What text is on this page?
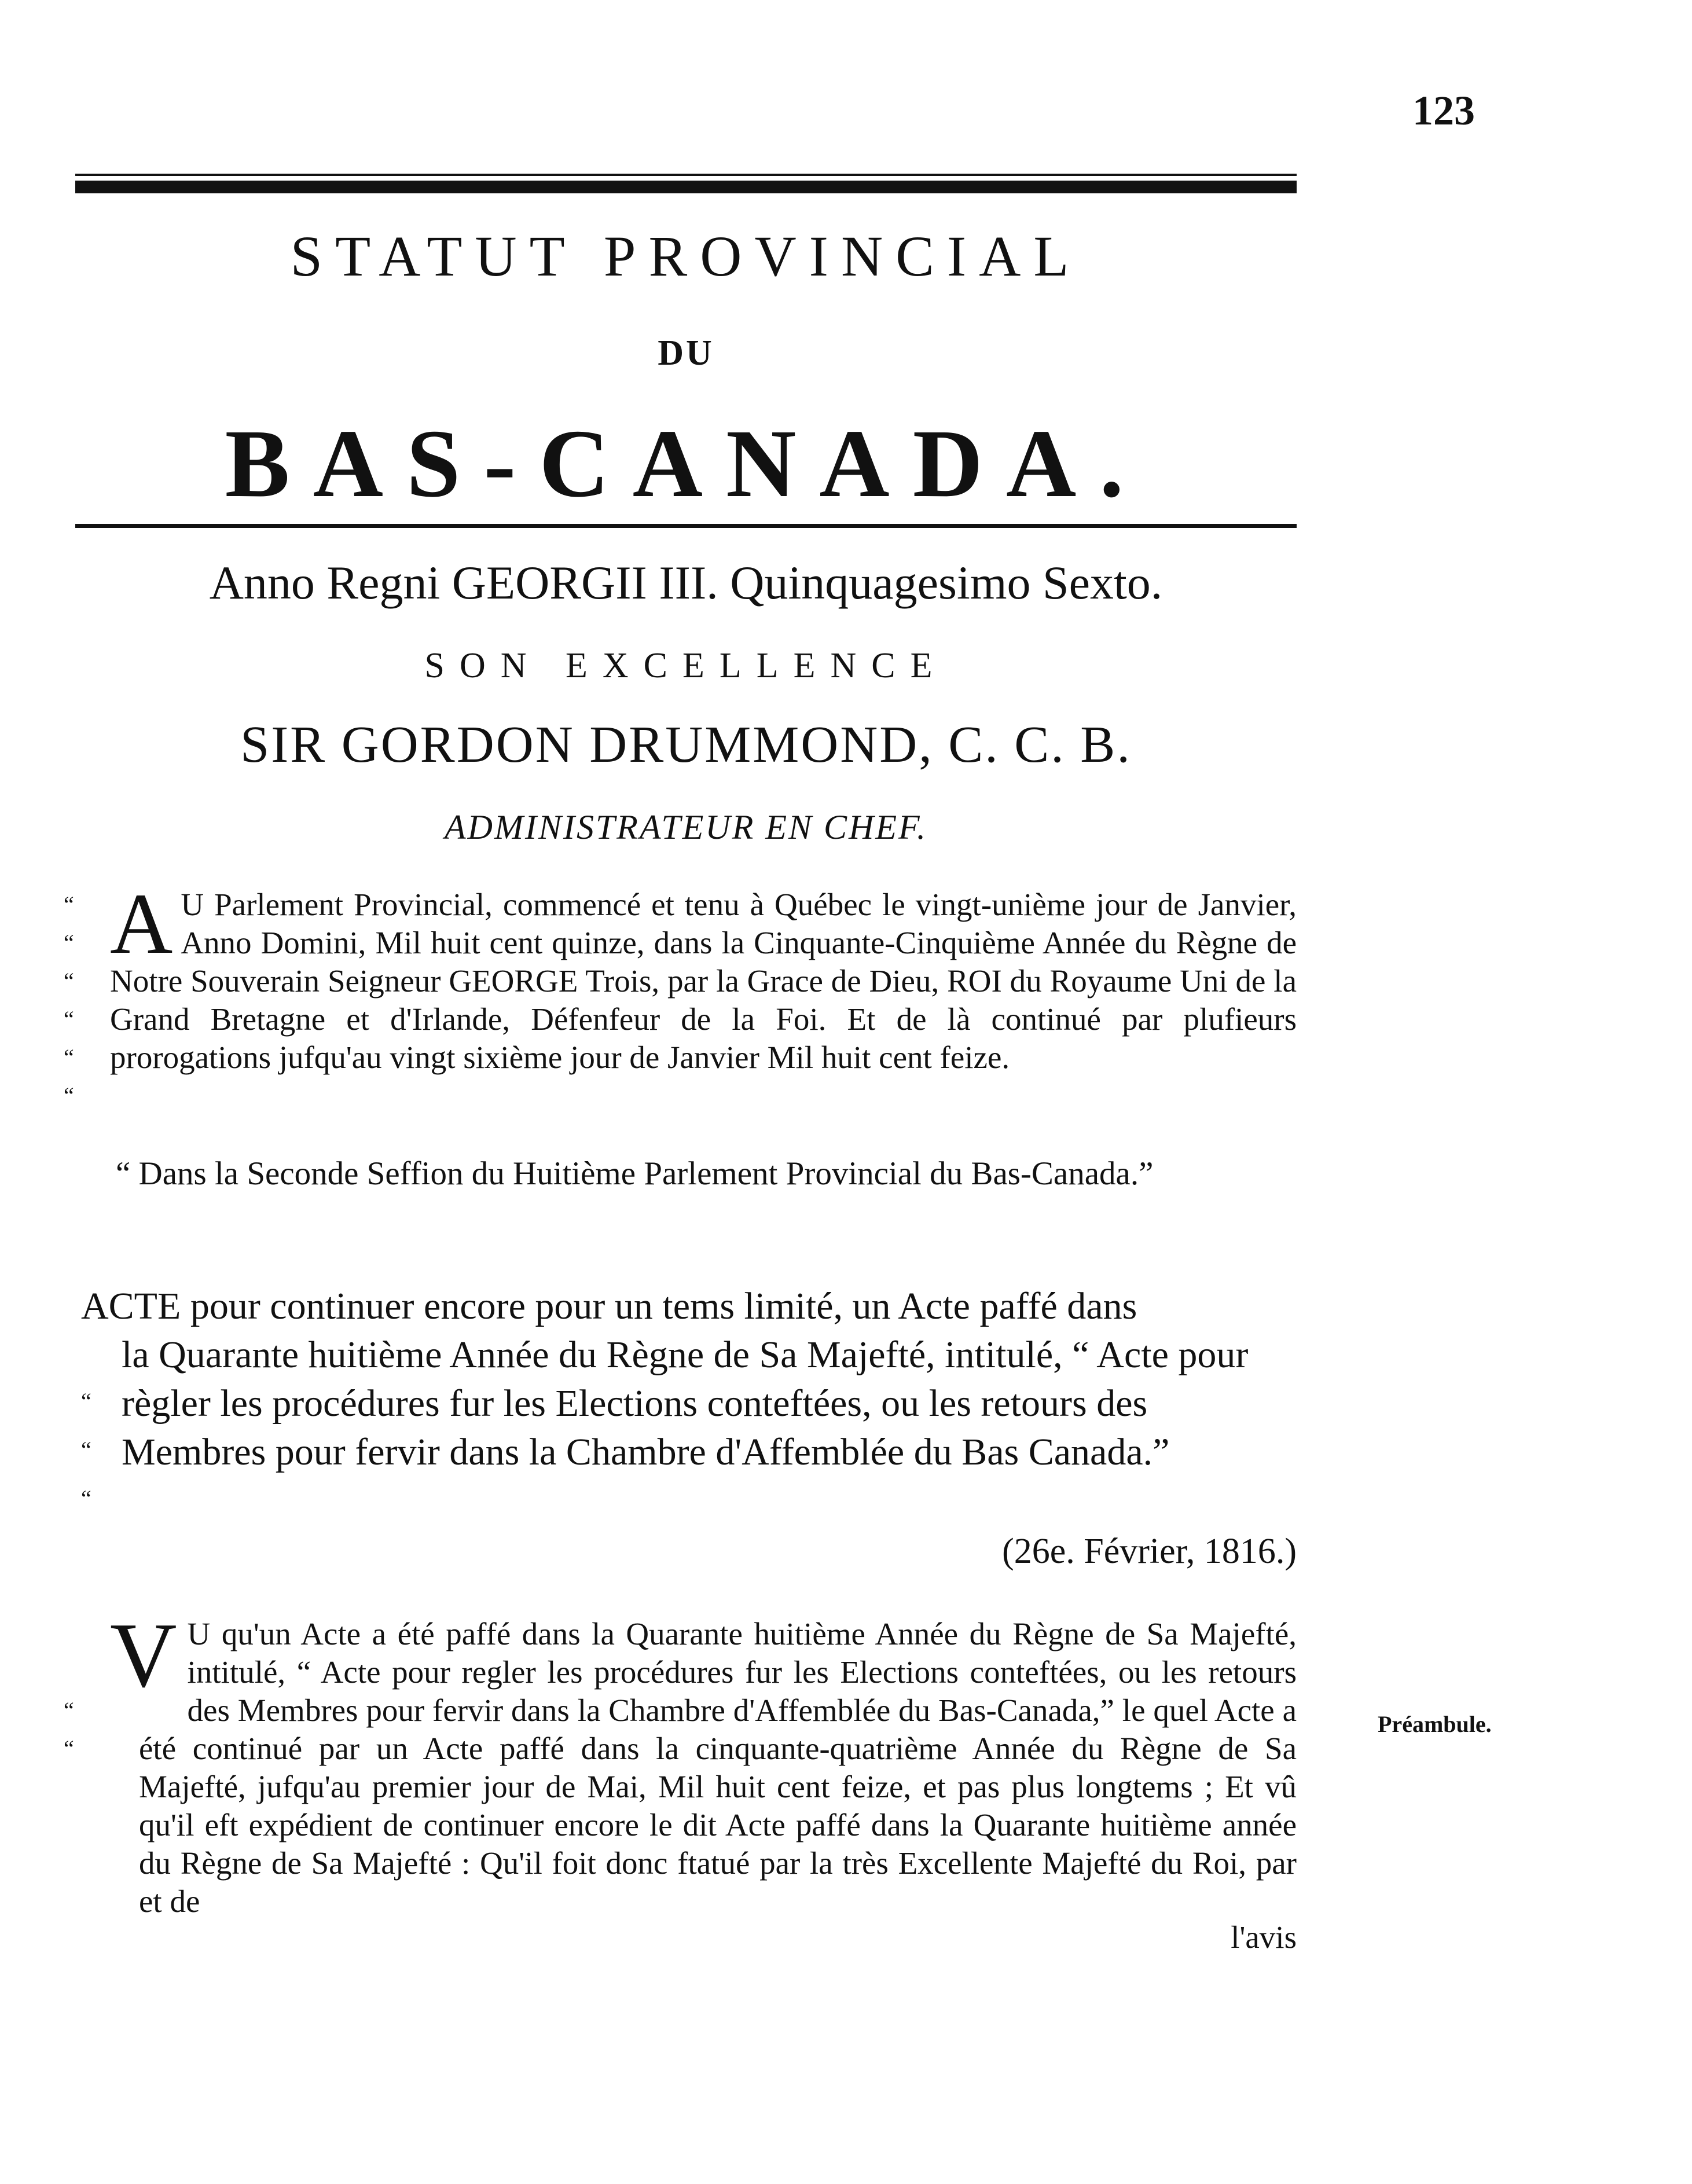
123
STATUT PROVINCIAL
DU
BAS-CANADA.
Anno Regni GEORGII III. Quinquagesimo Sexto.
SON EXCELLENCE
SIR GORDON DRUMMOND, C. C. B.
ADMINISTRATEUR EN CHEF.
“
“
“
“
“
“
A U Parlement Provincial, commencé et tenu à Québec le vingt-unième jour de Janvier, Anno Domini, Mil huit cent quinze, dans la Cinquante-Cinquième Année du Règne de Notre Souverain Seigneur GEORGE Trois, par la Grace de Dieu, ROI du Royaume Uni de la Grand Bretagne et d'Irlande, Défenfeur de la Foi. Et de là continué par plufieurs prorogations jufqu'au vingt sixième jour de Janvier Mil huit cent feize.
“ Dans la Seconde Seffion du Huitième Parlement Provincial du Bas-Canada.”
“
“
“
ACTE pour continuer encore pour un tems limité, un Acte paffé dans
la Quarante huitième Année du Règne de Sa Majefté, intitulé, “ Acte pour règler les procédures fur les Elections conteftées, ou les retours des Membres pour fervir dans la Chambre d'Affemblée du Bas Canada.”
(26e. Février, 1816.)
“
“
V U qu'un Acte a été paffé dans la Quarante huitième Année du Règne de Sa Majefté, intitulé, “ Acte pour regler les procédures fur les Elections conteftées, ou les retours des Membres pour fervir dans la Chambre d'Affemblée du Bas-Canada,” le quel Acte a été continué par un Acte paffé dans la cinquante-quatrième Année du Règne de Sa Majefté, jufqu'au premier jour de Mai, Mil huit cent feize, et pas plus longtems ; Et vû qu'il eft expédient de continuer encore le dit Acte paffé dans la Quarante huitième année du Règne de Sa Majefté : Qu'il foit donc ftatué par la très Excellente Majefté du Roi, par et de
Préambule.
l'avis
